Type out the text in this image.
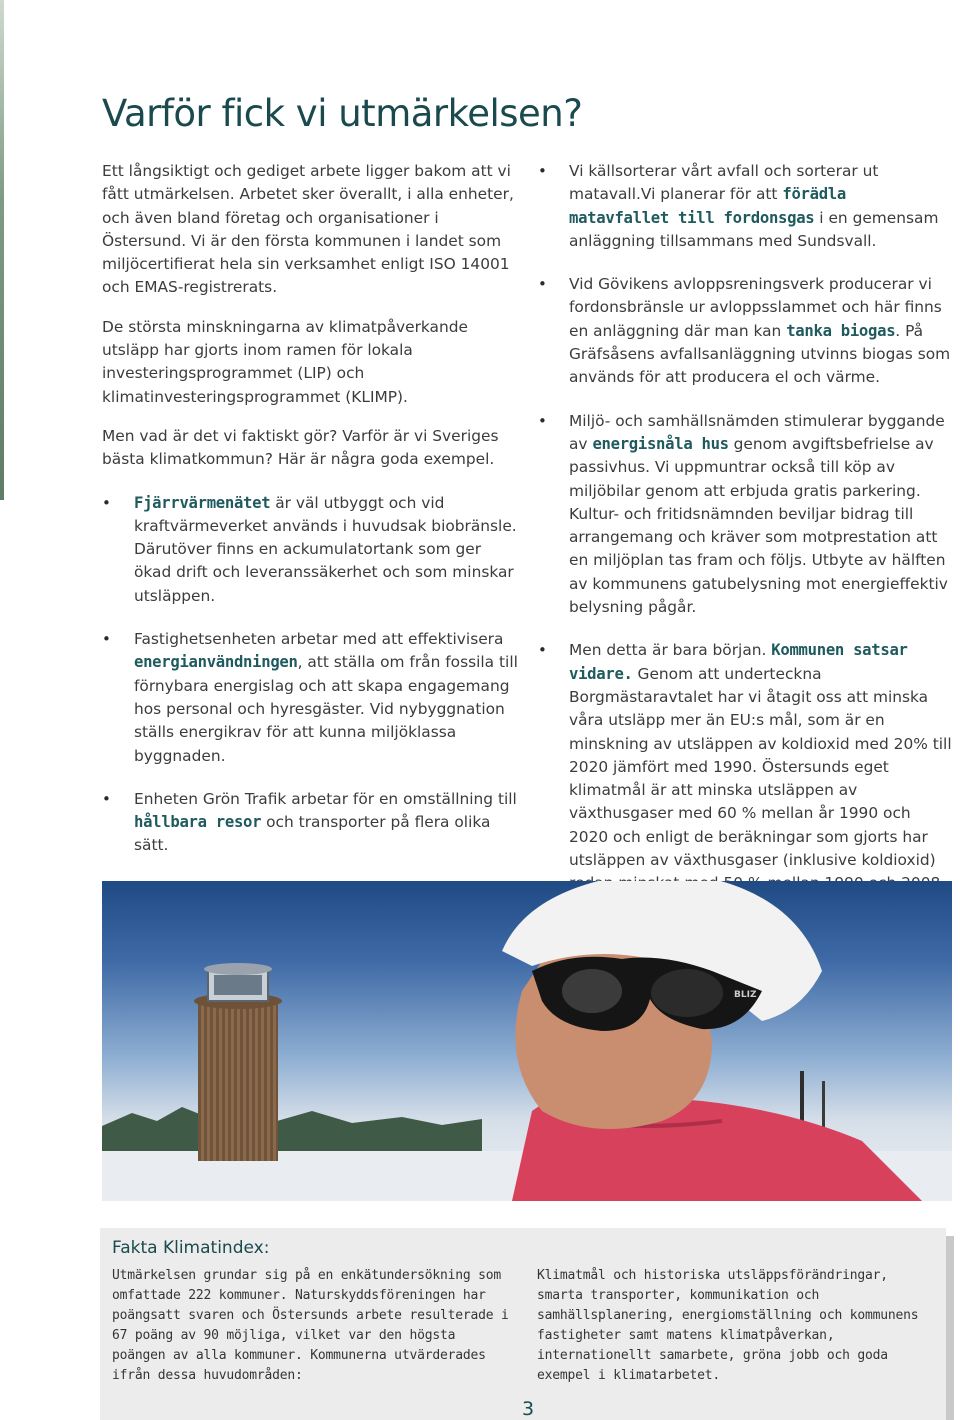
Varför fick vi utmärkelsen?

Ett långsiktigt och gediget arbete ligger bakom att vi fått utmärkelsen. Arbetet sker överallt, i alla enheter, och även bland företag och organisationer i Östersund. Vi är den första kommunen i landet som miljöcertifierat hela sin verksamhet enligt ISO 14001 och EMAS-registrerats.

De största minskningarna av klimatpåverkande utsläpp har gjorts inom ramen för lokala investeringsprogrammet (LIP) och klimatinvesteringsprogrammet (KLIMP).

Men vad är det vi faktiskt gör? Varför är vi Sveriges bästa klimatkommun? Här är några goda exempel.

• Fjärrvärmenätet är väl utbyggt och vid kraftvärmeverket används i huvudsak biobränsle. Därutöver finns en ackumulatortank som ger ökad drift och leveranssäkerhet och som minskar utsläppen.
• Fastighetsenheten arbetar med att effektivisera energianvändningen, att ställa om från fossila till förnybara energislag och att skapa engagemang hos personal och hyresgäster. Vid nybyggnation ställs energikrav för att kunna miljöklassa byggnaden.
• Enheten Grön Trafik arbetar för en omställning till hållbara resor och transporter på flera olika sätt.
• Vi källsorterar vårt avfall och sorterar ut matavall.Vi planerar för att förädla matavfallet till fordonsgas i en gemensam anläggning tillsammans med Sundsvall.
• Vid Gövikens avloppsreningsverk producerar vi fordonsbränsle ur avloppsslammet och här finns en anläggning där man kan tanka biogas. På Gräfsåsens avfallsanläggning utvinns biogas som används för att producera el och värme.
• Miljö- och samhällsnämden stimulerar byggande av energisnåla hus genom avgiftsbefrielse av passivhus. Vi uppmuntrar också till köp av miljöbilar genom att erbjuda gratis parkering. Kultur- och fritidsnämnden beviljar bidrag till arrangemang och kräver som motprestation att en miljöplan tas fram och följs. Utbyte av hälften av kommunens gatubelysning mot energieffektiv belysning pågår.
• Men detta är bara början. Kommunen satsar vidare. Genom att underteckna Borgmästaravtalet har vi åtagit oss att minska våra utsläpp mer än EU:s mål, som är en minskning av utsläppen av koldioxid med 20% till 2020 jämfört med 1990. Östersunds eget klimatmål är att minska utsläppen av växthusgaser med 60 % mellan år 1990 och 2020 och enligt de beräkningar som gjorts har utsläppen av växthusgaser (inklusive koldioxid)
BLIZ
Fakta Klimatindex:
Utmärkelsen grundar sig på en enkätundersökning som omfattade 222 kommuner. Naturskyddsföreningen har poängsatt svaren och Östersunds arbete resulterade i 67 poäng av 90 möjliga, vilket var den högsta poängen av alla kommuner. Kommunerna utvärderades ifrån dessa huvudområden:
Klimatmål och historiska utsläppsförändringar, smarta transporter, kommunikation och samhällsplanering, energiomställning och kommunens fastigheter samt matens klimatpåverkan, internationellt samarbete, gröna jobb och goda exempel i klimatarbetet.
3
